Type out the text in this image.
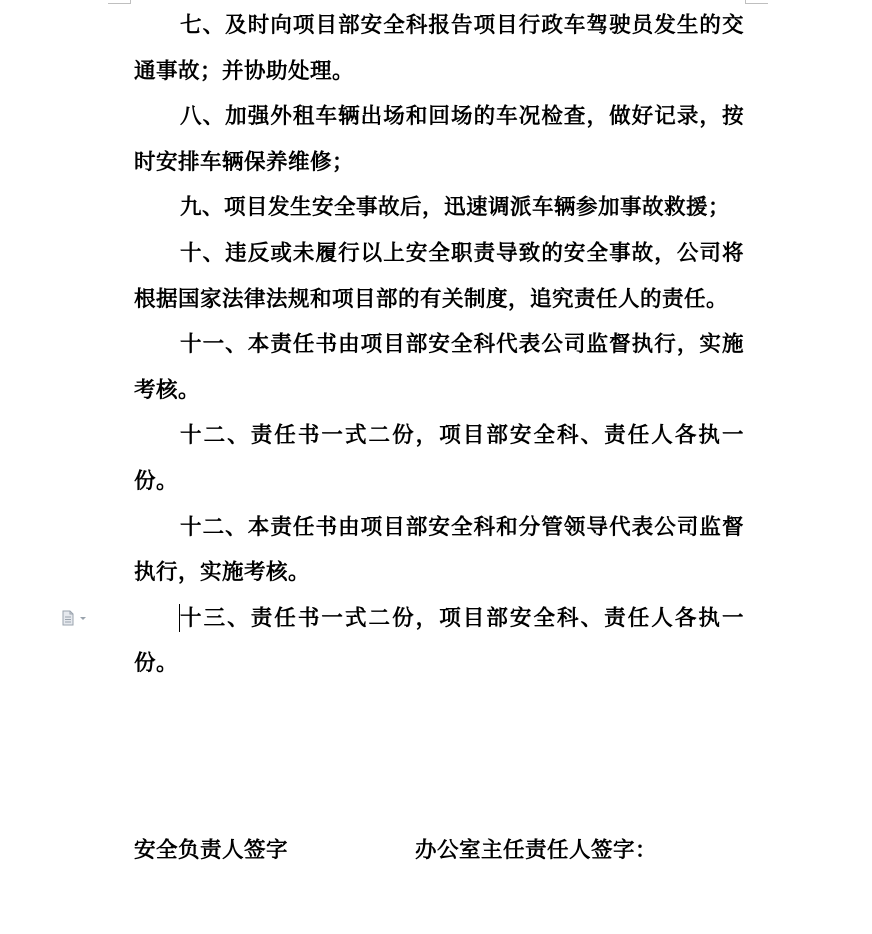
七、及时向项目部安全科报告项目行政车驾驶员发生的交通事故；并协助处理。

八、加强外租车辆出场和回场的车况检查，做好记录，按时安排车辆保养维修；

九、项目发生安全事故后，迅速调派车辆参加事故救援；

十、违反或未履行以上安全职责导致的安全事故，公司将根据国家法律法规和项目部的有关制度，追究责任人的责任。

十一、本责任书由项目部安全科代表公司监督执行，实施考核。

十二、责任书一式二份，项目部安全科、责任人各执一份。

十二、本责任书由项目部安全科和分管领导代表公司监督执行，实施考核。

十三、责任书一式二份，项目部安全科、责任人各执一份。

安全负责人签字	办公室主任责任人签字：
